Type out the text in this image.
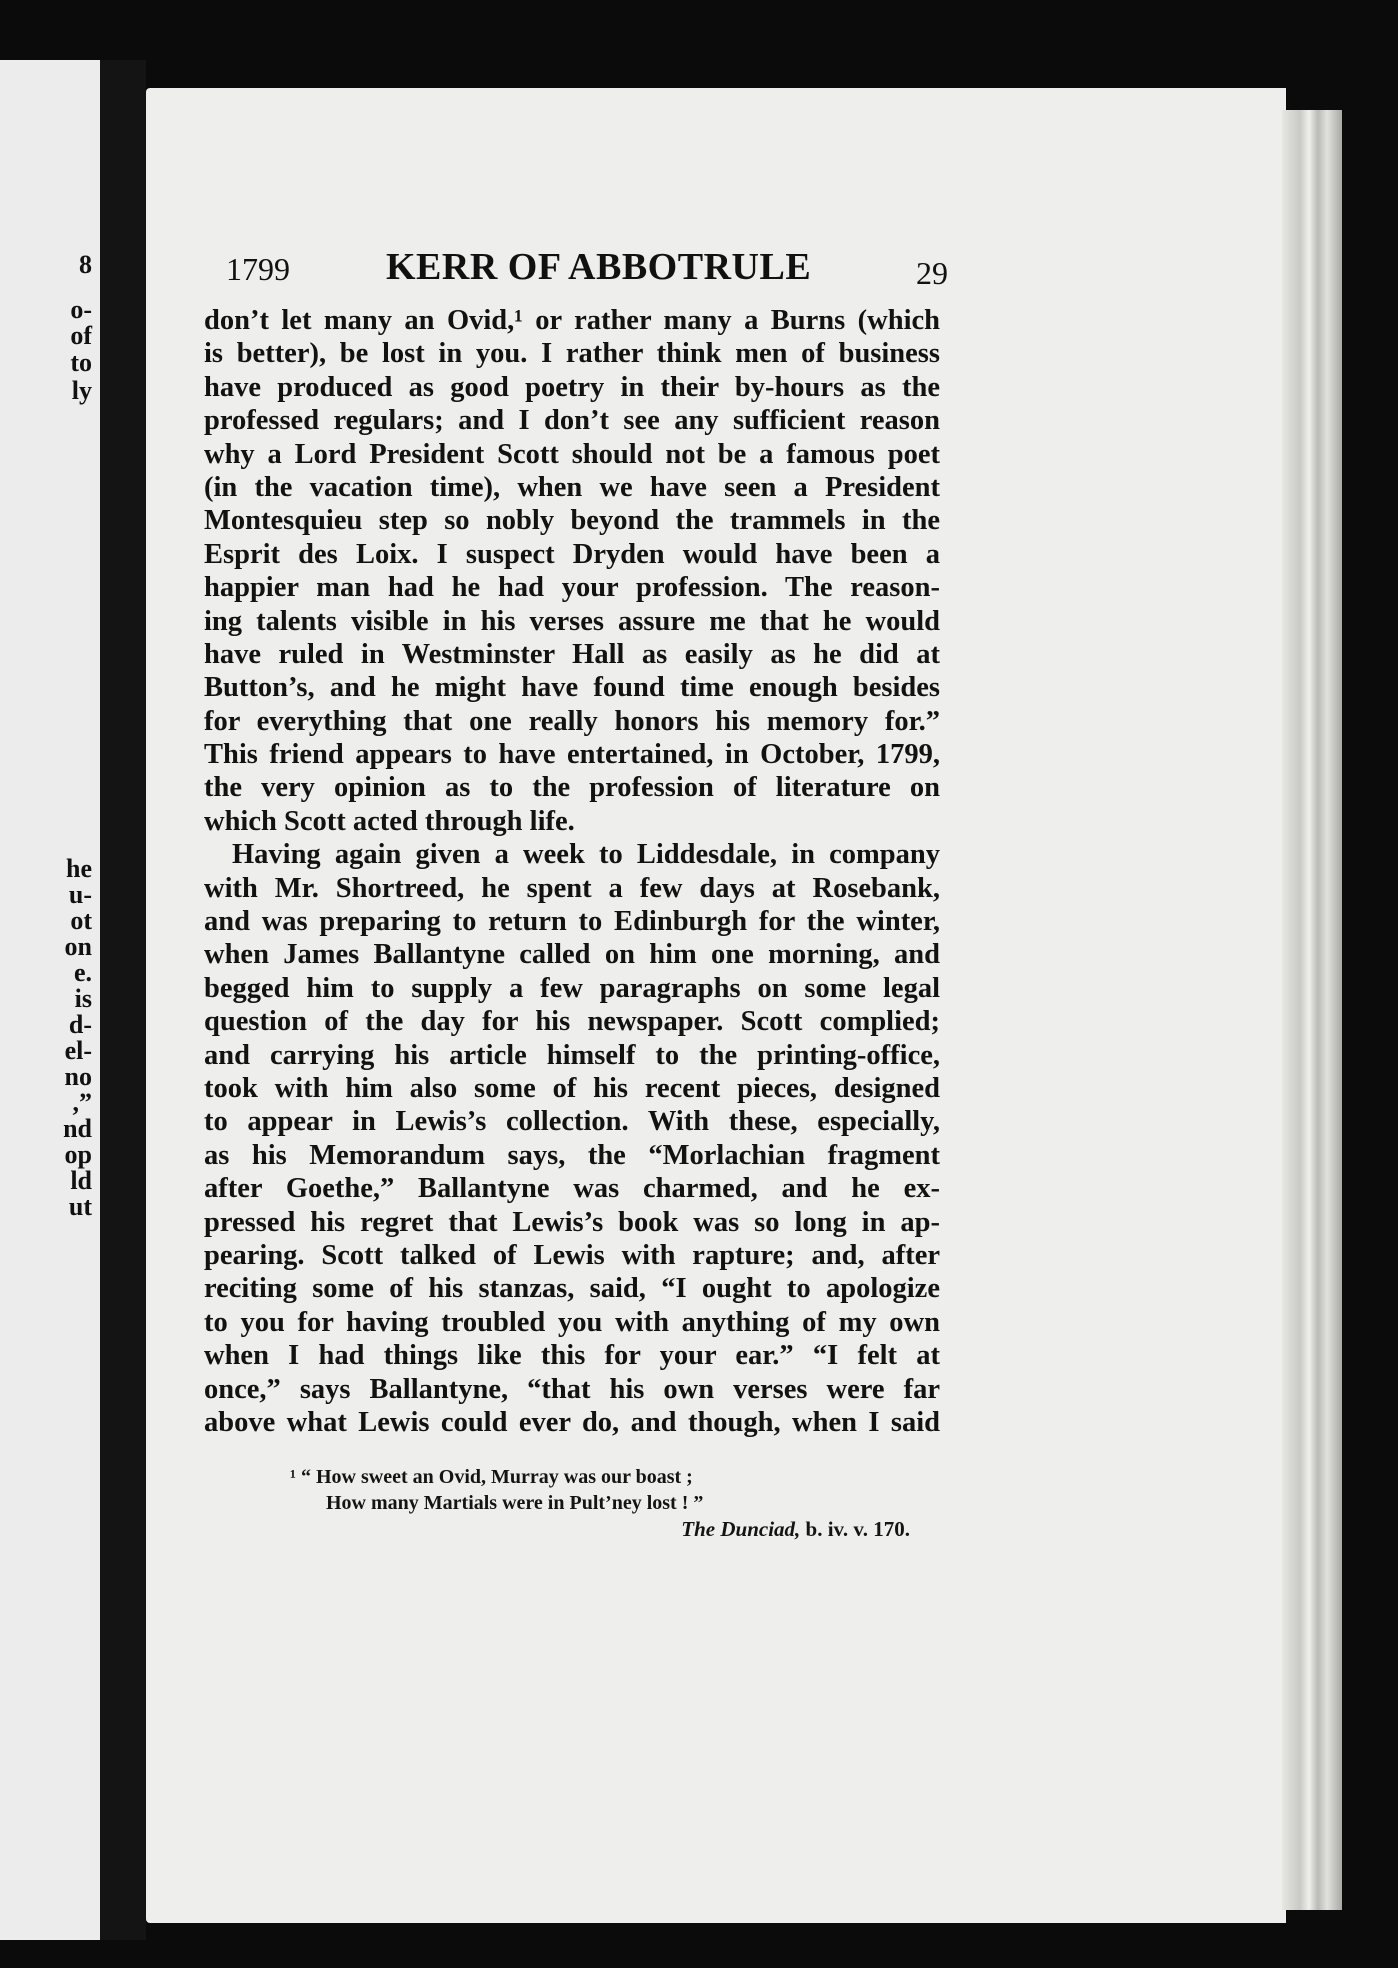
8
o-
of
to
ly
he
u-
ot
on
e.
is
d-
el-
no
,”
nd
op
ld
ut
1799	KERR OF ABBOTRULE	29
don’t let many an Ovid,¹ or rather many a Burns (which
is better), be lost in you. I rather think men of business
have produced as good poetry in their by-hours as the
professed regulars; and I don’t see any sufficient reason
why a Lord President Scott should not be a famous poet
(in the vacation time), when we have seen a President
Montesquieu step so nobly beyond the trammels in the
Esprit des Loix. I suspect Dryden would have been a
happier man had he had your profession. The reason-
ing talents visible in his verses assure me that he would
have ruled in Westminster Hall as easily as he did at
Button’s, and he might have found time enough besides
for everything that one really honors his memory for.”
This friend appears to have entertained, in October, 1799,
the very opinion as to the profession of literature on
which Scott acted through life.
Having again given a week to Liddesdale, in company
with Mr. Shortreed, he spent a few days at Rosebank,
and was preparing to return to Edinburgh for the winter,
when James Ballantyne called on him one morning, and
begged him to supply a few paragraphs on some legal
question of the day for his newspaper. Scott complied;
and carrying his article himself to the printing-office,
took with him also some of his recent pieces, designed
to appear in Lewis’s collection. With these, especially,
as his Memorandum says, the “Morlachian fragment
after Goethe,” Ballantyne was charmed, and he ex-
pressed his regret that Lewis’s book was so long in ap-
pearing. Scott talked of Lewis with rapture; and, after
reciting some of his stanzas, said, “I ought to apologize
to you for having troubled you with anything of my own
when I had things like this for your ear.” “I felt at
once,” says Ballantyne, “that his own verses were far
above what Lewis could ever do, and though, when I said
¹ “ How sweet an Ovid, Murray was our boast ;
How many Martials were in Pult’ney lost ! ”
The Dunciad, b. iv. v. 170.
